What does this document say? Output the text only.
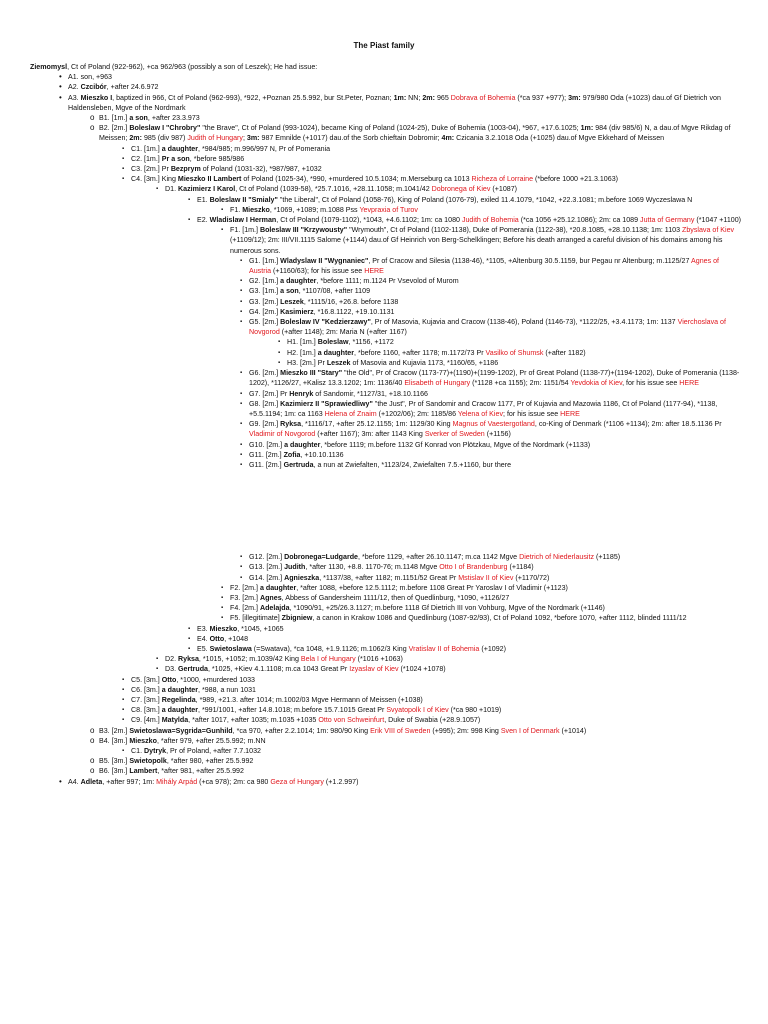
The Piast family
Ziemomysl, Ct of Poland (922-962), +ca 962/963 (possibly a son of Leszek); He had issue:
• A1. son, +963
• A2. Czcibór, +after 24.6.972
• A3. Mieszko I, baptized in 966, Ct of Poland (962-993), *922, +Poznan 25.5.992, bur St.Peter, Poznan; 1m: NN; 2m: 965 Dobrava of Bohemia (*ca 937 +977); 3m: 979/980 Oda (+1023) dau.of Gf Dietrich von Haldensleben, Mgve of the Nordmark
o B1. [1m.] a son, +after 23.3.973
o B2. [2m.] Boleslaw I "Chrobry" "the Brave", Ct of Poland (993-1024), became King of Poland (1024-25), Duke of Bohemia (1003-04), *967, +17.6.1025; 1m: 984 (div 985/6) N, a dau.of Mgve Rikdag of Meissen; 2m: 985 (div 987) Judith of Hungary; 3m: 987 Emnilde (+1017) dau.of the Sorb chieftain Dobromir; 4m: Czicania 3.2.1018 Oda (+1025) dau.of Mgve Ekkehard of Meissen
▪ C1. [1m.] a daughter, *984/985; m.996/997 N, Pr of Pomerania
▪ C2. [1m.] Pr a son, *before 985/986
▪ C3. [2m.] Pr Bezprym of Poland (1031-32), *987/987, +1032
▪ C4. [3m.] King Mieszko II Lambert of Poland (1025-34), *990, +murdered 10.5.1034; m.Merseburg ca 1013 Richeza of Lorraine (*before 1000 +21.3.1063)
▪ D1. Kazimierz I Karol, Ct of Poland (1039-58), *25.7.1016, +28.11.1058; m.1041/42 Dobronega of Kiev (+1087)
▪ E1. Boleslaw II "Smialy" "the Liberal", Ct of Poland (1058-76), King of Poland (1076-79), exiled 11.4.1079, *1042, +22.3.1081; m.before 1069 Wyczeslawa N
▪ F1. Mieszko, *1069, +1089; m.1088 Pss Yevpraxia of Turov
▪ E2. Wladislaw I Herman, Ct of Poland (1079-1102), *1043, +4.6.1102; 1m: ca 1080 Judith of Bohemia (*ca 1056 +25.12.1086); 2m: ca 1089 Jutta of Germany (*1047 +1100)
▪ F1. [1m.] Boleslaw III "Krzywousty" "Wrymouth", Ct of Poland (1102-1138), Duke of Pomerania (1122-38), *20.8.1085, +28.10.1138; 1m: 1103 Zbyslava of Kiev (+1109/12); 2m: III/VII.1115 Salome (+1144) dau.of Gf Heinrich von Berg-Schelklingen; Before his death arranged a careful division of his domains among his numerous sons.
▪ G1. [1m.] Wladyslaw II "Wygnaniec", Pr of Cracow and Silesia (1138-46), *1105, +Altenburg 30.5.1159, bur Pegau nr Altenburg; m.1125/27 Agnes of Austria (+1160/63); for his issue see HERE
▪ G2. [1m.] a daughter, *before 1111; m.1124 Pr Vsevolod of Murom
▪ G3. [1m.] a son, *1107/08, +after 1109
▪ G3. [2m.] Leszek, *1115/16, +26.8. before 1138
▪ G4. [2m.] Kasimierz, *16.8.1122, +19.10.1131
▪ G5. [2m.] Boleslaw IV "Kedzierzawy", Pr of Masovia, Kujavia and Cracow (1138-46), Poland (1146-73), *1122/25, +3.4.1173; 1m: 1137 Vierchoslava of Novgorod (+after 1148); 2m: Maria N (+after 1167)
▪ H1. [1m.] Boleslaw, *1156, +1172
▪ H2. [1m.] a daughter, *before 1160, +after 1178; m.1172/73 Pr Vasilko of Shumsk (+after 1182)
▪ H3. [2m.] Pr Leszek of Masovia and Kujavia 1173, *1160/65, +1186
▪ G6. [2m.] Mieszko III "Stary" "the Old", Pr of Cracow (1173-77)+(1190)+(1199-1202), Pr of Great Poland (1138-77)+(1194-1202), Duke of Pomerania (1138-1202), *1126/27, +Kalisz 13.3.1202; 1m: 1136/40 Elisabeth of Hungary (*1128 +ca 1155); 2m: 1151/54 Yevdokia of Kiev, for his issue see HERE
▪ G7. [2m.] Pr Henryk of Sandomir, *1127/31, +18.10.1166
▪ G8. [2m.] Kazimierz II "Sprawiedliwy" "the Just", Pr of Sandomir and Cracow 1177, Pr of Kujavia and Mazowia 1186, Ct of Poland (1177-94), *1138, +5.5.1194; 1m: ca 1163 Helena of Znaim (+1202/06); 2m: 1185/86 Yelena of Kiev; for his issue see HERE
▪ G9. [2m.] Ryksa, *1116/17, +after 25.12.1155; 1m: 1129/30 King Magnus of Vaestergotland, co-King of Denmark (*1106 +1134); 2m: after 18.5.1136 Pr Vladimir of Novgorod (+after 1167); 3m: after 1143 King Sverker of Sweden (+1156)
▪ G10. [2m.] a daughter, *before 1119; m.before 1132 Gf Konrad von Plötzkau, Mgve of the Nordmark (+1133)
▪ G11. [2m.] Zofia, +10.10.1136
▪ G11. [2m.] Gertruda, a nun at Zwiefalten, *1123/24, Zwiefalten 7.5.+1160, bur there
▪ G12. [2m.] Dobronega=Ludgarde, *before 1129, +after 26.10.1147; m.ca 1142 Mgve Dietrich of Niederlausitz (+1185)
▪ G13. [2m.] Judith, *after 1130, +8.8. 1170-76; m.1148 Mgve Otto I of Brandenburg (+1184)
▪ G14. [2m.] Agnieszka, *1137/38, +after 1182; m.1151/52 Great Pr Mstislav II of Kiev (+1170/72)
▪ F2. [2m.] a daughter, *after 1088, +before 12.5.1112; m.before 1108 Great Pr Yaroslav I of Vladimir (+1123)
▪ F3. [2m.] Agnes, Abbess of Gandersheim 1111/12, then of Quedlinburg, *1090, +1126/27
▪ F4. [2m.] Adelajda, *1090/91, +25/26.3.1127; m.before 1118 Gf Dietrich III von Vohburg, Mgve of the Nordmark (+1146)
▪ F5. [illegitimate] Zbigniew, a canon in Krakow 1086 and Quedlinburg (1087-92/93), Ct of Poland 1092, *before 1070, +after 1112, blinded 1111/12
▪ E3. Mieszko, *1045, +1065
▪ E4. Otto, +1048
▪ E5. Swietoslawa (=Swatava), *ca 1048, +1.9.1126; m.1062/3 King Vratislav II of Bohemia (+1092)
▪ D2. Ryksa, *1015, +1052; m.1039/42 King Bela I of Hungary (*1016 +1063)
▪ D3. Gertruda, *1025, +Kiev 4.1.1108; m.ca 1043 Great Pr Izyaslav of Kiev (*1024 +1078)
▪ C5. [3m.] Otto, *1000, +murdered 1033
▪ C6. [3m.] a daughter, *988, a nun 1031
▪ C7. [3m.] Regelinda, *989, +21.3. after 1014; m.1002/03 Mgve Hermann of Meissen (+1038)
▪ C8. [3m.] a daughter, *991/1001, +after 14.8.1018; m.before 15.7.1015 Great Pr Svyatopolk I of Kiev (*ca 980 +1019)
▪ C9. [4m.] Matylda, *after 1017, +after 1035; m.1035 +1035 Otto von Schweinfurt, Duke of Swabia (+28.9.1057)
o B3. [2m.] Swietoslawa=Sygrida=Gunhild, *ca 970, +after 2.2.1014; 1m: 980/90 King Erik VIII of Sweden (+995); 2m: 998 King Sven I of Denmark (+1014)
o B4. [3m.] Mieszko, *after 979, +after 25.5.992; m.NN
▪ C1. Dytryk, Pr of Poland, +after 7.7.1032
o B5. [3m.] Swietopolk, *after 980, +after 25.5.992
o B6. [3m.] Lambert, *after 981, +after 25.5.992
• A4. Adleta, +after 997; 1m: Mihály Arpád (+ca 978); 2m: ca 980 Geza of Hungary (+1.2.997)
